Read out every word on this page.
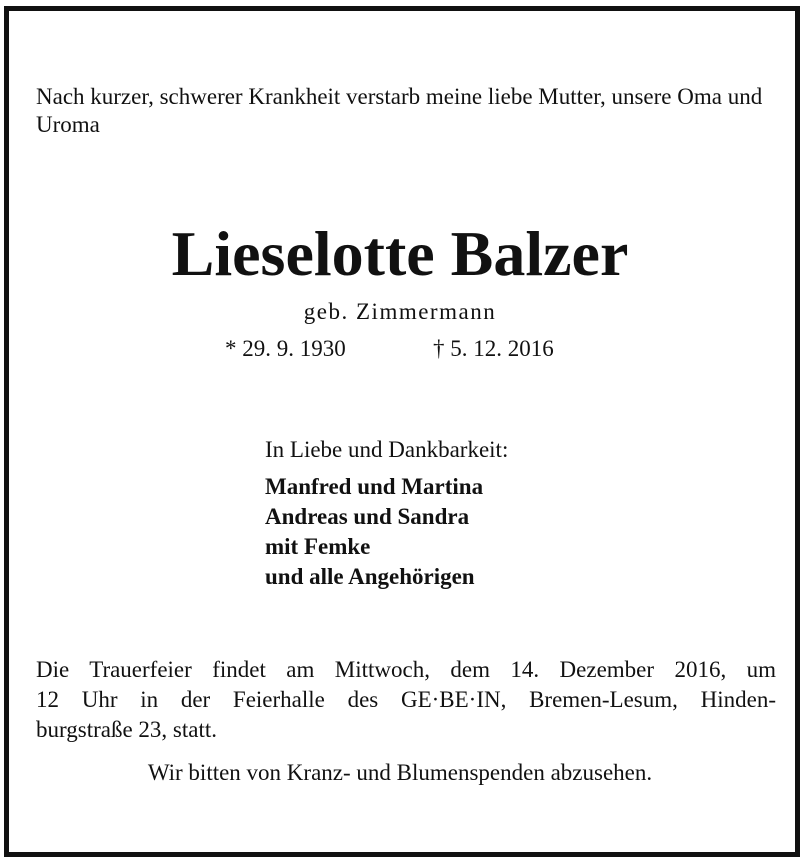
Nach kurzer, schwerer Krankheit verstarb meine liebe Mutter, unsere Oma und Uroma

Lieselotte Balzer

geb. Zimmermann

* 29. 9. 1930	† 5. 12. 2016

In Liebe und Dankbarkeit:

Manfred und Martina
Andreas und Sandra
mit Femke
und alle Angehörigen

Die Trauerfeier findet am Mittwoch, dem 14. Dezember 2016, um
12 Uhr in der Feierhalle des GE·BE·IN, Bremen-Lesum, Hinden-
burgstraße 23, statt.

Wir bitten von Kranz- und Blumenspenden abzusehen.
